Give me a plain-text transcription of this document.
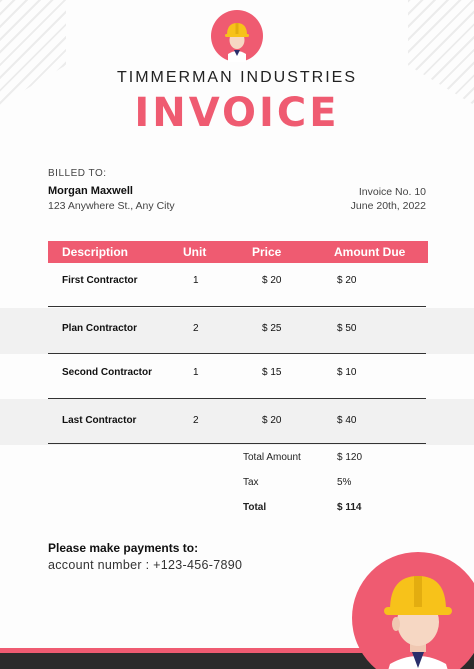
TIMMERMAN INDUSTRIES
INVOICE
BILLED TO:
Morgan Maxwell
123 Anywhere St., Any City
Invoice No. 10
June 20th, 2022
Description	Unit	Price	Amount Due
First Contractor	1	$ 20	$ 20
Plan Contractor	2	$ 25	$ 50
Second Contractor	1	$ 15	$ 10
Last Contractor	2	$ 20	$ 40
Total Amount	$ 120
Tax	5%
Total	$ 114
Please make payments to:
account number : +123-456-7890
